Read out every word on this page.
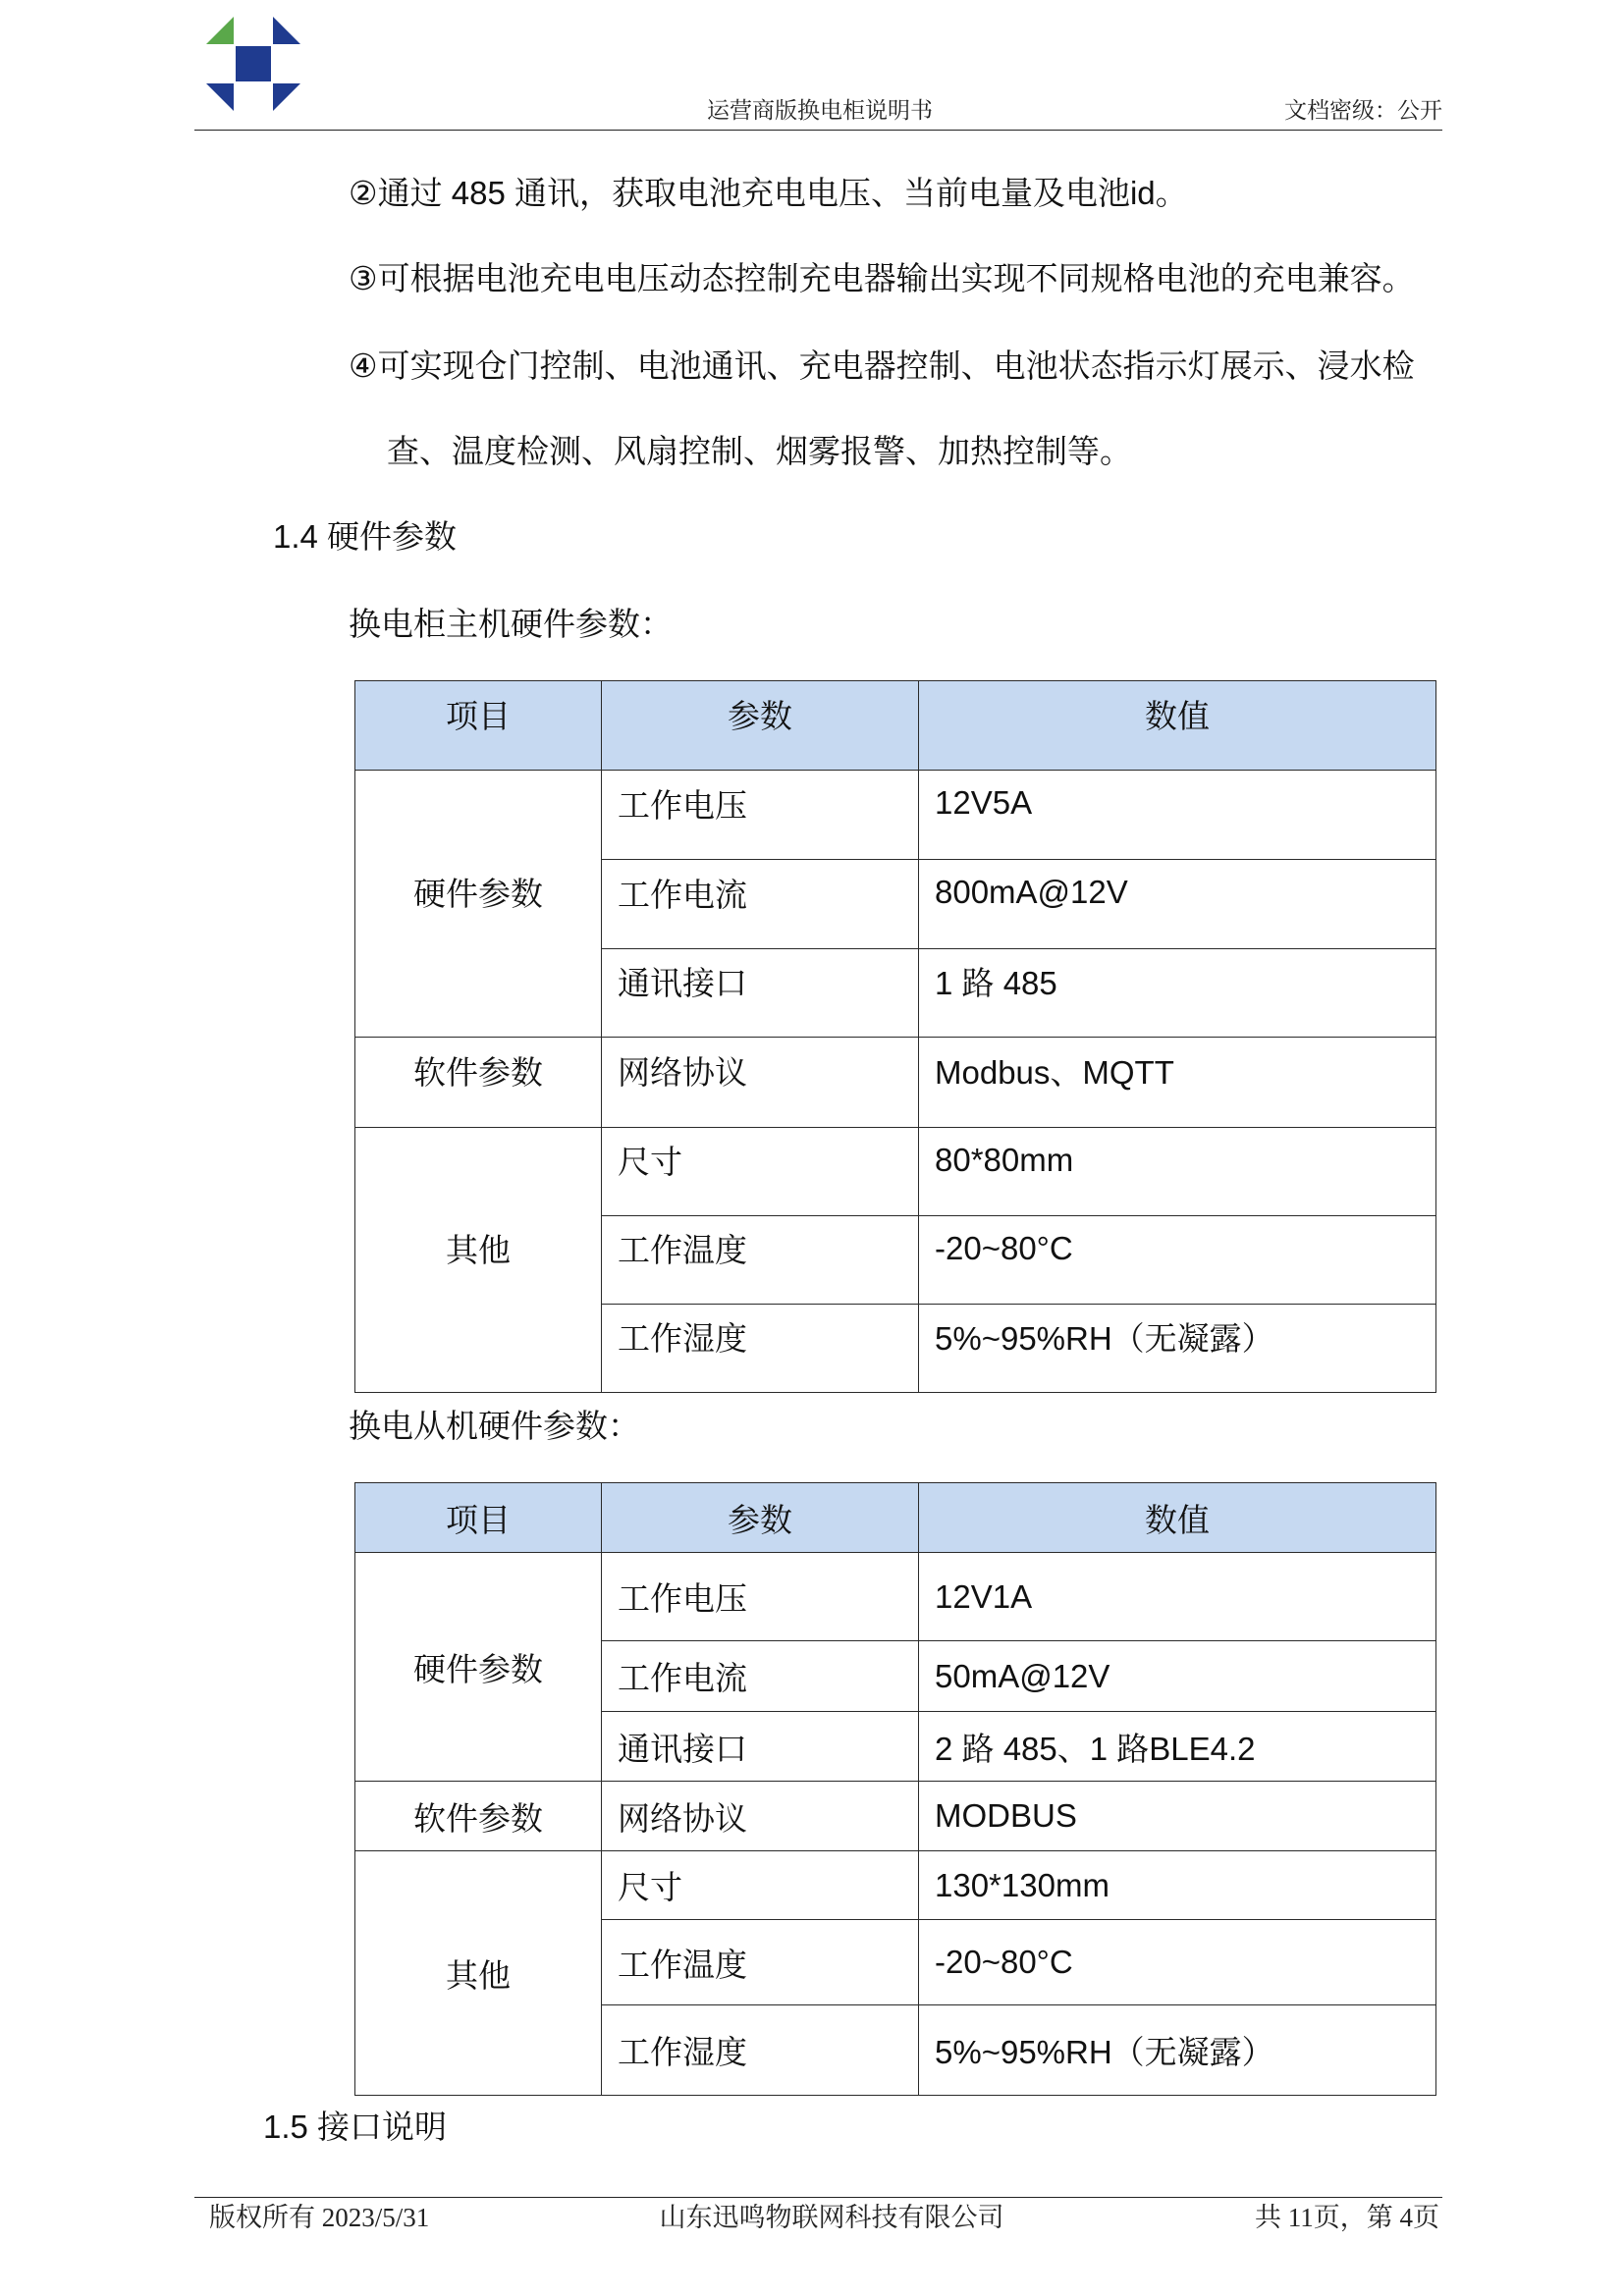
运营商版换电柜说明书	文档密级：公开
②通过 485 通讯，获取电池充电电压、当前电量及电池id。
③可根据电池充电电压动态控制充电器输出实现不同规格电池的充电兼容。
④可实现仓门控制、电池通讯、充电器控制、电池状态指示灯展示、浸水检
查、温度检测、风扇控制、烟雾报警、加热控制等。
1.4 硬件参数
换电柜主机硬件参数：
项目	参数	数值
硬件参数	工作电压	12V5A
	工作电流	800mA@12V
	通讯接口	1 路 485
软件参数	网络协议	Modbus、MQTT
其他	尺寸	80*80mm
	工作温度	-20~80°C
	工作湿度	5%~95%RH（无凝露）
换电从机硬件参数：
项目	参数	数值
硬件参数	工作电压	12V1A
	工作电流	50mA@12V
	通讯接口	2 路 485、1 路BLE4.2
软件参数	网络协议	MODBUS
其他	尺寸	130*130mm
	工作温度	-20~80°C
	工作湿度	5%~95%RH（无凝露）
1.5 接口说明
版权所有 2023/5/31	山东迅鸣物联网科技有限公司	共 11页，第 4页
